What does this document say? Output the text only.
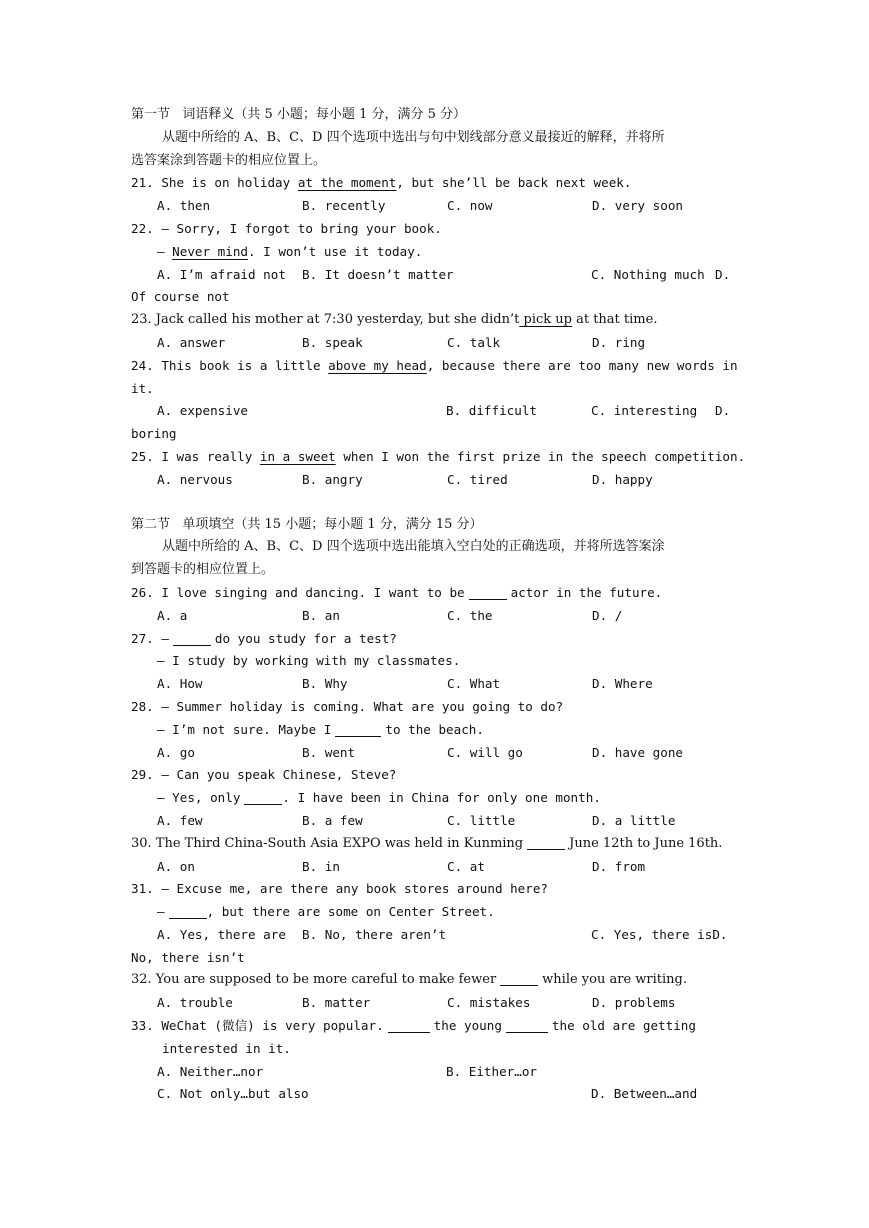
第一节   词语释义（共 5 小题；每小题 1 分，满分 5 分）
从题中所给的 A、B、C、D 四个选项中选出与句中划线部分意义最接近的解释，并将所
选答案涂到答题卡的相应位置上。
21. She is on holiday at the moment, but she’ll be back next week.
A. then	B. recently	C. now	D. very soon
22. — Sorry, I forgot to bring your book.
— Never mind. I won’t use it today.
A. I’m afraid not	B. It doesn’t matter	C. Nothing much D.
Of course not
23. Jack called his mother at 7:30 yesterday, but she didn’t pick up at that time.
A. answer	B. speak	C. talk	D. ring
24. This book is a little above my head, because there are too many new words in
it.
A. expensive	B. difficult	C. interesting	D.
boring
25. I was really in a sweet when I won the first prize in the speech competition.
A. nervous	B. angry	C. tired	D. happy
第二节   单项填空（共 15 小题；每小题 1 分，满分 15 分）
从题中所给的 A、B、C、D 四个选项中选出能填入空白处的正确选项，并将所选答案涂
到答题卡的相应位置上。
26. I love singing and dancing. I want to be	actor in the future.
A. a	B. an	C. the	D. /
27. —	do you study for a test?
— I study by working with my classmates.
A. How	B. Why	C. What	D. Where
28. — Summer holiday is coming. What are you going to do?
— I’m not sure. Maybe I	to the beach.
A. go	B. went	C. will go	D. have gone
29. — Can you speak Chinese, Steve?
— Yes, only	. I have been in China for only one month.
A. few	B. a few	C. little	D. a little
30. The Third China-South Asia EXPO was held in Kunming	June 12th to June 16th.
A. on	B. in	C. at	D. from
31. — Excuse me, are there any book stores around here?
—	, but there are some on Center Street.
A. Yes, there are	B. No, there aren’t	C. Yes, there isD.
No, there isn’t
32. You are supposed to be more careful to make fewer	while you are writing.
A. trouble	B. matter	C. mistakes	D. problems
33. WeChat (微信) is very popular.	the young	the old are getting
interested in it.
A. Neither…nor	B. Either…or
C. Not only…but also	D. Between…and
